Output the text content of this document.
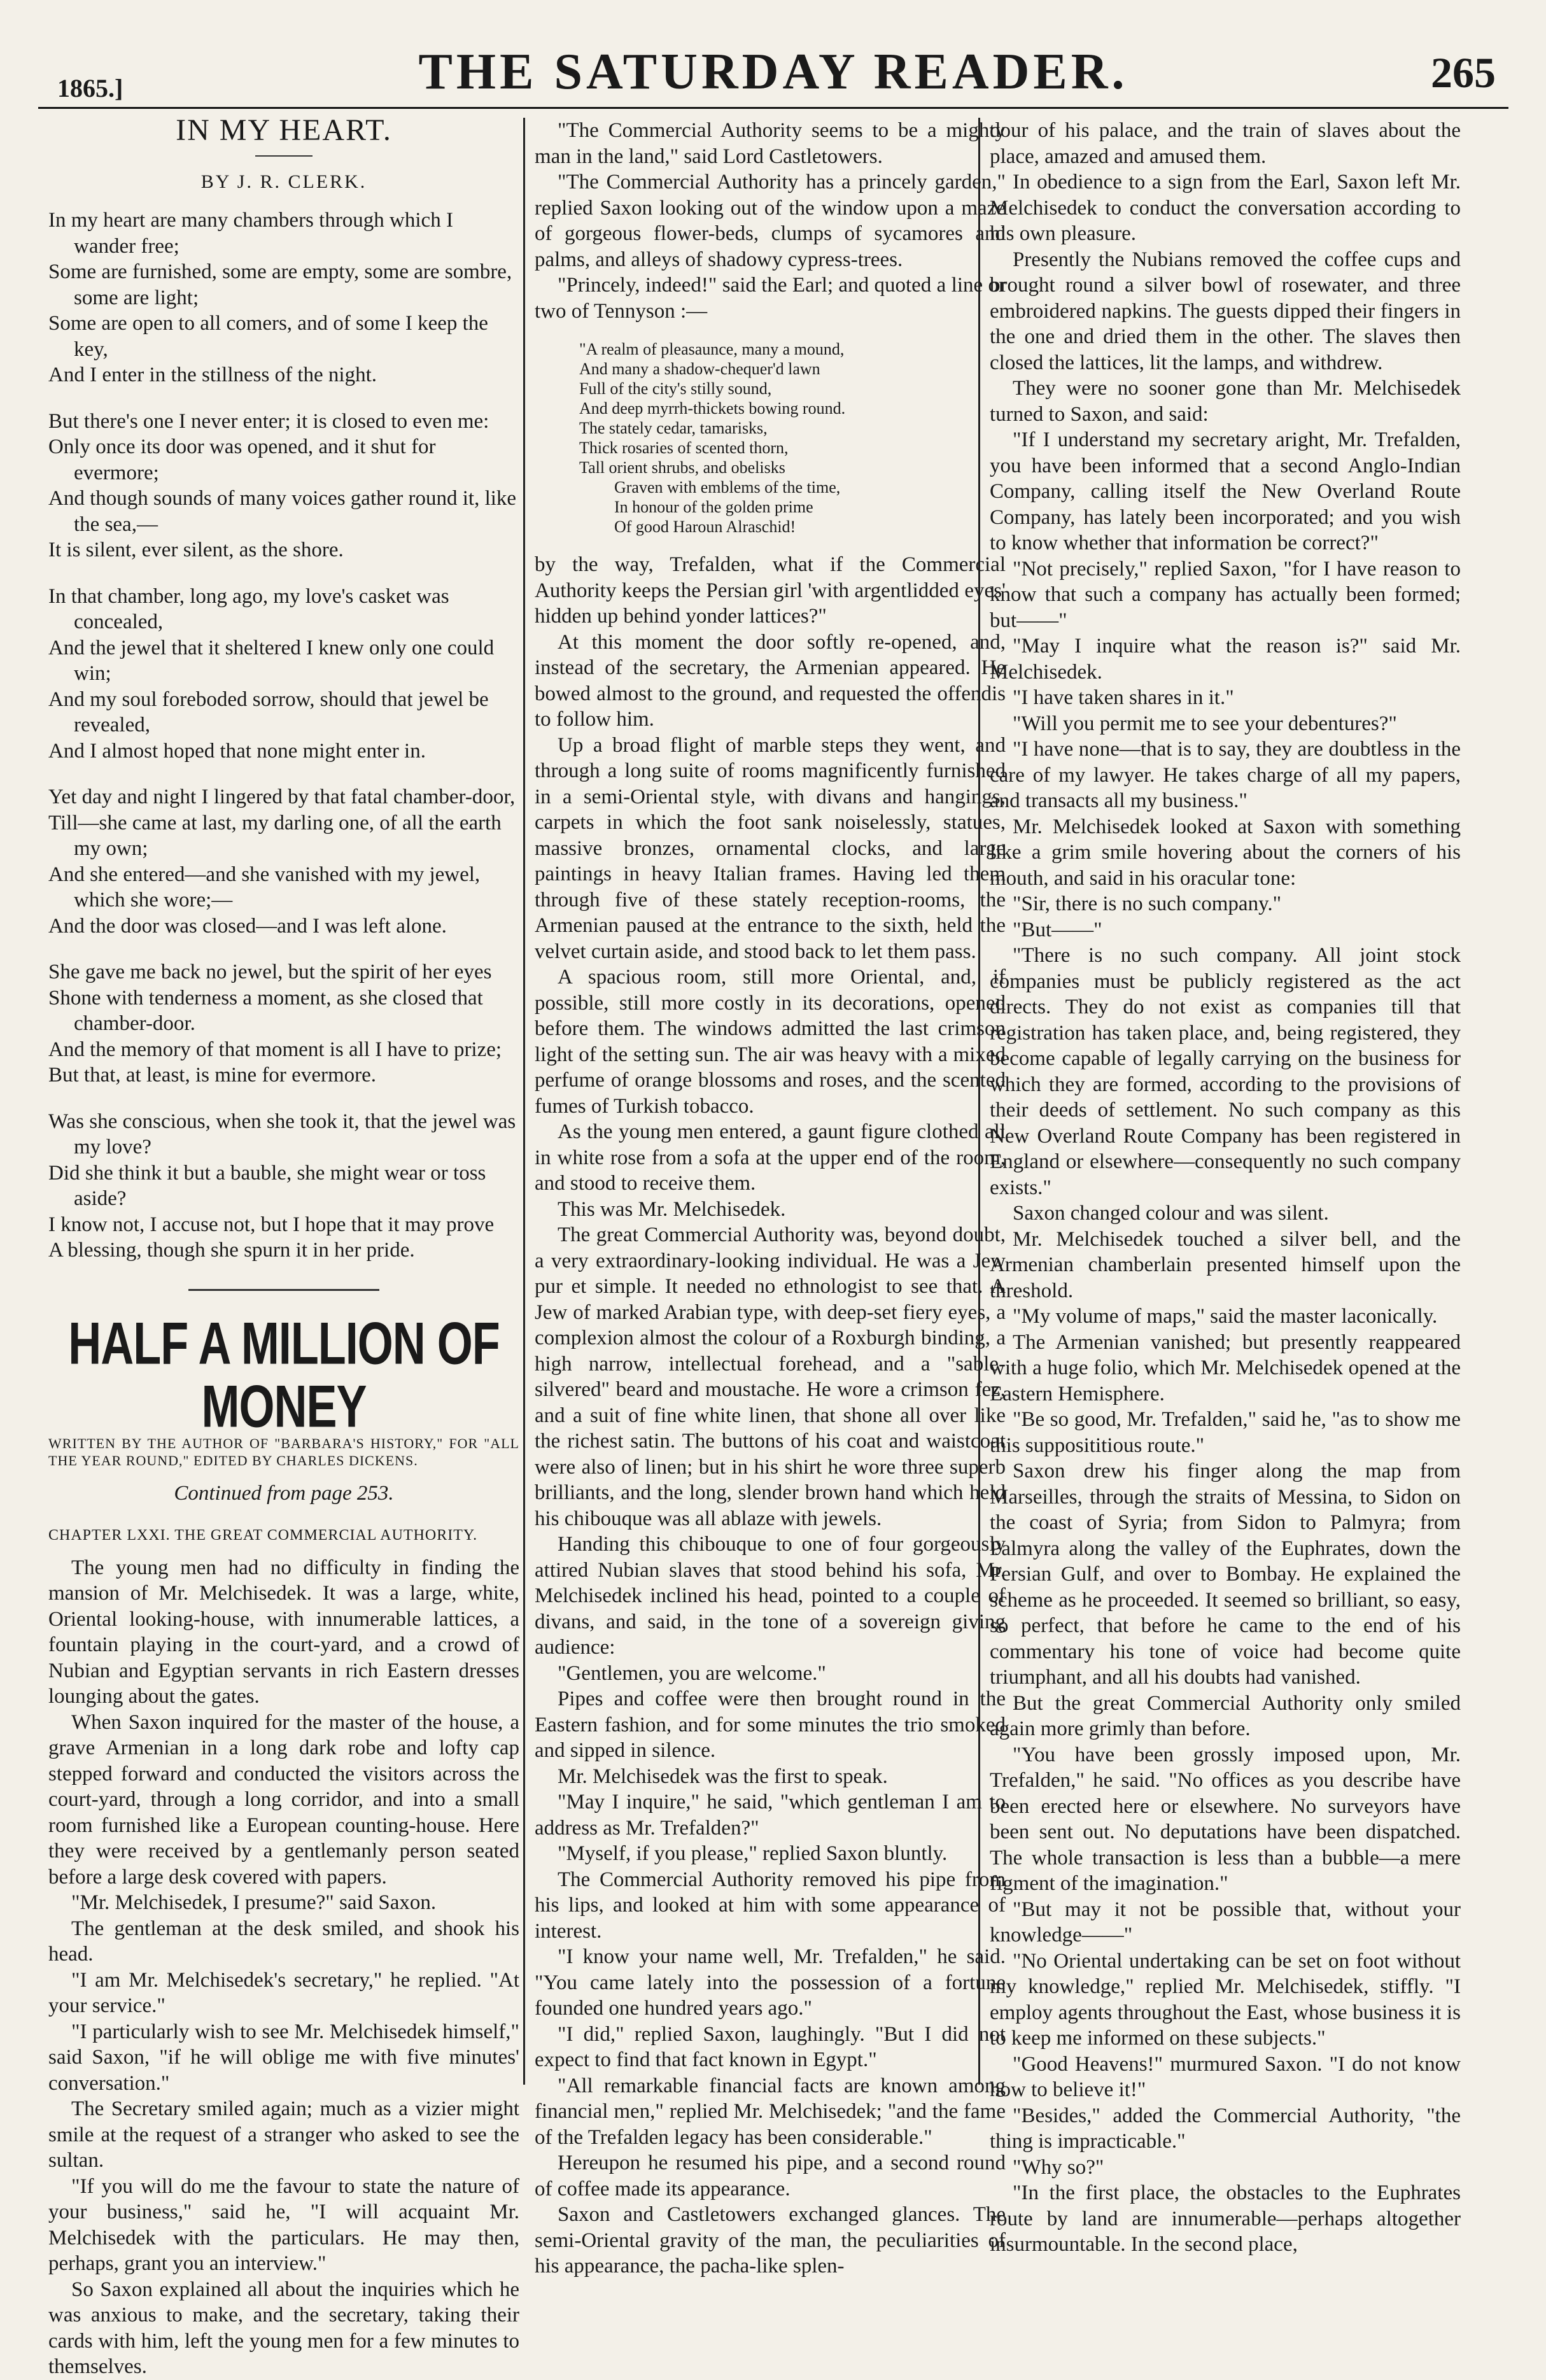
1865.]	THE SATURDAY READER.	265
IN MY HEART.
BY J. R. CLERK.
In my heart are many chambers through which I wander free;
Some are furnished, some are empty, some are sombre, some are light;
Some are open to all comers, and of some I keep the key,
And I enter in the stillness of the night.
But there's one I never enter; it is closed to even me:
Only once its door was opened, and it shut for evermore;
And though sounds of many voices gather round it, like the sea,—
It is silent, ever silent, as the shore.
In that chamber, long ago, my love's casket was concealed,
And the jewel that it sheltered I knew only one could win;
And my soul foreboded sorrow, should that jewel be revealed,
And I almost hoped that none might enter in.
Yet day and night I lingered by that fatal chamber-door,
Till—she came at last, my darling one, of all the earth my own;
And she entered—and she vanished with my jewel, which she wore;—
And the door was closed—and I was left alone.
She gave me back no jewel, but the spirit of her eyes
Shone with tenderness a moment, as she closed that chamber-door.
And the memory of that moment is all I have to prize;
But that, at least, is mine for evermore.
Was she conscious, when she took it, that the jewel was my love?
Did she think it but a bauble, she might wear or toss aside?
I know not, I accuse not, but I hope that it may prove
A blessing, though she spurn it in her pride.
HALF A MILLION OF MONEY
WRITTEN BY THE AUTHOR OF "BARBARA'S HISTORY," FOR "ALL THE YEAR ROUND," EDITED BY CHARLES DICKENS.
Continued from page 253.
CHAPTER LXXI. THE GREAT COMMERCIAL AUTHORITY.

The young men had no difficulty in finding the mansion of Mr. Melchisedek. It was a large, white, Oriental looking-house, with innumerable lattices, a fountain playing in the court-yard, and a crowd of Nubian and Egyptian servants in rich Eastern dresses lounging about the gates.

When Saxon inquired for the master of the house, a grave Armenian in a long dark robe and lofty cap stepped forward and conducted the visitors across the court-yard, through a long corridor, and into a small room furnished like a European counting-house. Here they were received by a gentlemanly person seated before a large desk covered with papers.

"Mr. Melchisedek, I presume?" said Saxon.

The gentleman at the desk smiled, and shook his head.

"I am Mr. Melchisedek's secretary," he replied. "At your service."

"I particularly wish to see Mr. Melchisedek himself," said Saxon, "if he will oblige me with five minutes' conversation."

The Secretary smiled again; much as a vizier might smile at the request of a stranger who asked to see the sultan.

"If you will do me the favour to state the nature of your business," said he, "I will acquaint Mr. Melchisedek with the particulars. He may then, perhaps, grant you an interview."

So Saxon explained all about the inquiries which he was anxious to make, and the secretary, taking their cards with him, left the young men for a few minutes to themselves.

"The Commercial Authority seems to be a mighty man in the land," said Lord Castletowers.

"The Commercial Authority has a princely garden," replied Saxon looking out of the window upon a maze of gorgeous flower-beds, clumps of sycamores and palms, and alleys of shadowy cypress-trees.

"Princely, indeed!" said the Earl; and quoted a line or two of Tennyson :—

"A realm of pleasaunce, many a mound,
And many a shadow-chequer'd lawn
Full of the city's stilly sound,
And deep myrrh-thickets bowing round.
The stately cedar, tamarisks,
Thick rosaries of scented thorn,
Tall orient shrubs, and obelisks
Graven with emblems of the time,
In honour of the golden prime
Of good Haroun Alraschid!

by the way, Trefalden, what if the Commercial Authority keeps the Persian girl 'with argentlidded eyes' hidden up behind yonder lattices?"

At this moment the door softly re-opened, and, instead of the secretary, the Armenian appeared. He bowed almost to the ground, and requested the offendis to follow him.

Up a broad flight of marble steps they went, and through a long suite of rooms magnificently furnished in a semi-Oriental style, with divans and hangings, carpets in which the foot sank noiselessly, statues, massive bronzes, ornamental clocks, and large paintings in heavy Italian frames. Having led them through five of these stately reception-rooms, the Armenian paused at the entrance to the sixth, held the velvet curtain aside, and stood back to let them pass.

A spacious room, still more Oriental, and, if possible, still more costly in its decorations, opened before them. The windows admitted the last crimson light of the setting sun. The air was heavy with a mixed perfume of orange blossoms and roses, and the scented fumes of Turkish tobacco.

As the young men entered, a gaunt figure clothed all in white rose from a sofa at the upper end of the room, and stood to receive them.

This was Mr. Melchisedek.

The great Commercial Authority was, beyond doubt, a very extraordinary-looking individual. He was a Jew pur et simple. It needed no ethnologist to see that. A Jew of marked Arabian type, with deep-set fiery eyes, a complexion almost the colour of a Roxburgh binding, a high narrow, intellectual forehead, and a "sable-silvered" beard and moustache. He wore a crimson fez, and a suit of fine white linen, that shone all over like the richest satin. The buttons of his coat and waistcoat were also of linen; but in his shirt he wore three superb brilliants, and the long, slender brown hand which held his chibouque was all ablaze with jewels.

Handing this chibouque to one of four gorgeously attired Nubian slaves that stood behind his sofa, Mr. Melchisedek inclined his head, pointed to a couple of divans, and said, in the tone of a sovereign giving audience:

"Gentlemen, you are welcome."

Pipes and coffee were then brought round in the Eastern fashion, and for some minutes the trio smoked and sipped in silence.

Mr. Melchisedek was the first to speak.

"May I inquire," he said, "which gentleman I am to address as Mr. Trefalden?"

"Myself, if you please," replied Saxon bluntly.

The Commercial Authority removed his pipe from his lips, and looked at him with some appearance of interest.

"I know your name well, Mr. Trefalden," he said. "You came lately into the possession of a fortune founded one hundred years ago."

"I did," replied Saxon, laughingly. "But I did not expect to find that fact known in Egypt."

"All remarkable financial facts are known among financial men," replied Mr. Melchisedek; "and the fame of the Trefalden legacy has been considerable."

Hereupon he resumed his pipe, and a second round of coffee made its appearance.

Saxon and Castletowers exchanged glances. The semi-Oriental gravity of the man, the peculiarities of his appearance, the pacha-like splen-

dour of his palace, and the train of slaves about the place, amazed and amused them.

In obedience to a sign from the Earl, Saxon left Mr. Melchisedek to conduct the conversation according to his own pleasure.

Presently the Nubians removed the coffee cups and brought round a silver bowl of rosewater, and three embroidered napkins. The guests dipped their fingers in the one and dried them in the other. The slaves then closed the lattices, lit the lamps, and withdrew.

They were no sooner gone than Mr. Melchisedek turned to Saxon, and said:

"If I understand my secretary aright, Mr. Trefalden, you have been informed that a second Anglo-Indian Company, calling itself the New Overland Route Company, has lately been incorporated; and you wish to know whether that information be correct?"

"Not precisely," replied Saxon, "for I have reason to know that such a company has actually been formed; but——"

"May I inquire what the reason is?" said Mr. Melchisedek.

"I have taken shares in it."

"Will you permit me to see your debentures?"

"I have none—that is to say, they are doubtless in the care of my lawyer. He takes charge of all my papers, and transacts all my business."

Mr. Melchisedek looked at Saxon with something like a grim smile hovering about the corners of his mouth, and said in his oracular tone:

"Sir, there is no such company."

"But——"

"There is no such company. All joint stock companies must be publicly registered as the act directs. They do not exist as companies till that registration has taken place, and, being registered, they become capable of legally carrying on the business for which they are formed, according to the provisions of their deeds of settlement. No such company as this New Overland Route Company has been registered in England or elsewhere—consequently no such company exists."

Saxon changed colour and was silent.

Mr. Melchisedek touched a silver bell, and the Armenian chamberlain presented himself upon the threshold.

"My volume of maps," said the master laconically.

The Armenian vanished; but presently reappeared with a huge folio, which Mr. Melchisedek opened at the Eastern Hemisphere.

"Be so good, Mr. Trefalden," said he, "as to show me this supposititious route."

Saxon drew his finger along the map from Marseilles, through the straits of Messina, to Sidon on the coast of Syria; from Sidon to Palmyra; from Palmyra along the valley of the Euphrates, down the Persian Gulf, and over to Bombay. He explained the scheme as he proceeded. It seemed so brilliant, so easy, so perfect, that before he came to the end of his commentary his tone of voice had become quite triumphant, and all his doubts had vanished.

But the great Commercial Authority only smiled again more grimly than before.

"You have been grossly imposed upon, Mr. Trefalden," he said. "No offices as you describe have been erected here or elsewhere. No surveyors have been sent out. No deputations have been dispatched. The whole transaction is less than a bubble—a mere figment of the imagination."

"But may it not be possible that, without your knowledge——"

"No Oriental undertaking can be set on foot without my knowledge," replied Mr. Melchisedek, stiffly. "I employ agents throughout the East, whose business it is to keep me informed on these subjects."

"Good Heavens!" murmured Saxon. "I do not know how to believe it!"

"Besides," added the Commercial Authority, "the thing is impracticable."

"Why so?"

"In the first place, the obstacles to the Euphrates route by land are innumerable—perhaps altogether insurmountable. In the second place,
